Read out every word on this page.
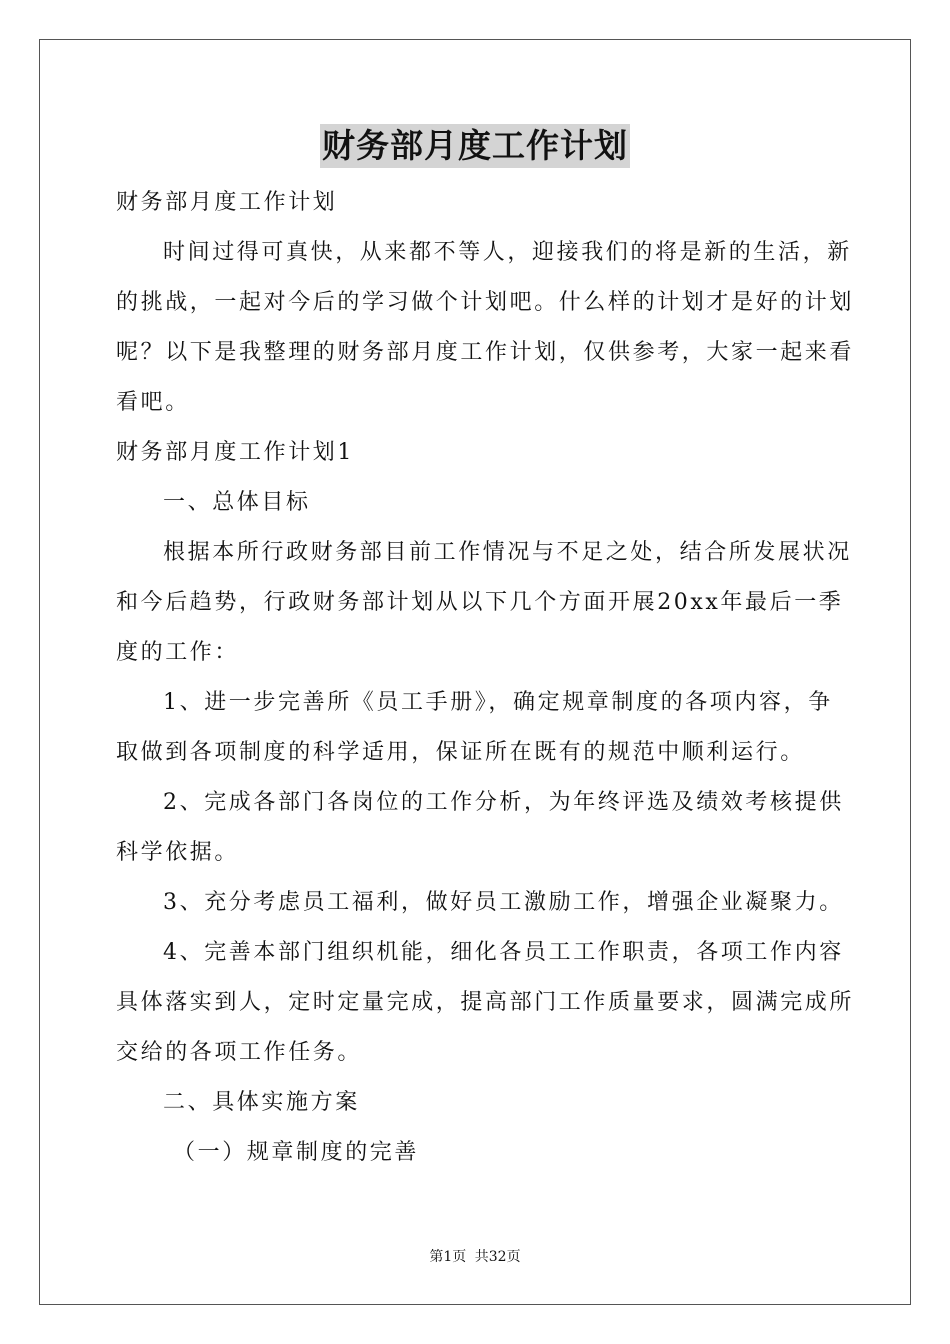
财务部月度工作计划
财务部月度工作计划
时间过得可真快，从来都不等人，迎接我们的将是新的生活，新
的挑战，一起对今后的学习做个计划吧。什么样的计划才是好的计划
呢？以下是我整理的财务部月度工作计划，仅供参考，大家一起来看
看吧。
财务部月度工作计划1
一、总体目标
根据本所行政财务部目前工作情况与不足之处，结合所发展状况
和今后趋势，行政财务部计划从以下几个方面开展20xx年最后一季
度的工作：
1、进一步完善所《员工手册》，确定规章制度的各项内容，争
取做到各项制度的科学适用，保证所在既有的规范中顺利运行。
2、完成各部门各岗位的工作分析，为年终评选及绩效考核提供
科学依据。
3、充分考虑员工福利，做好员工激励工作，增强企业凝聚力。
4、完善本部门组织机能，细化各员工工作职责，各项工作内容
具体落实到人，定时定量完成，提高部门工作质量要求，圆满完成所
交给的各项工作任务。
二、具体实施方案
（一）规章制度的完善
第1页 共32页
